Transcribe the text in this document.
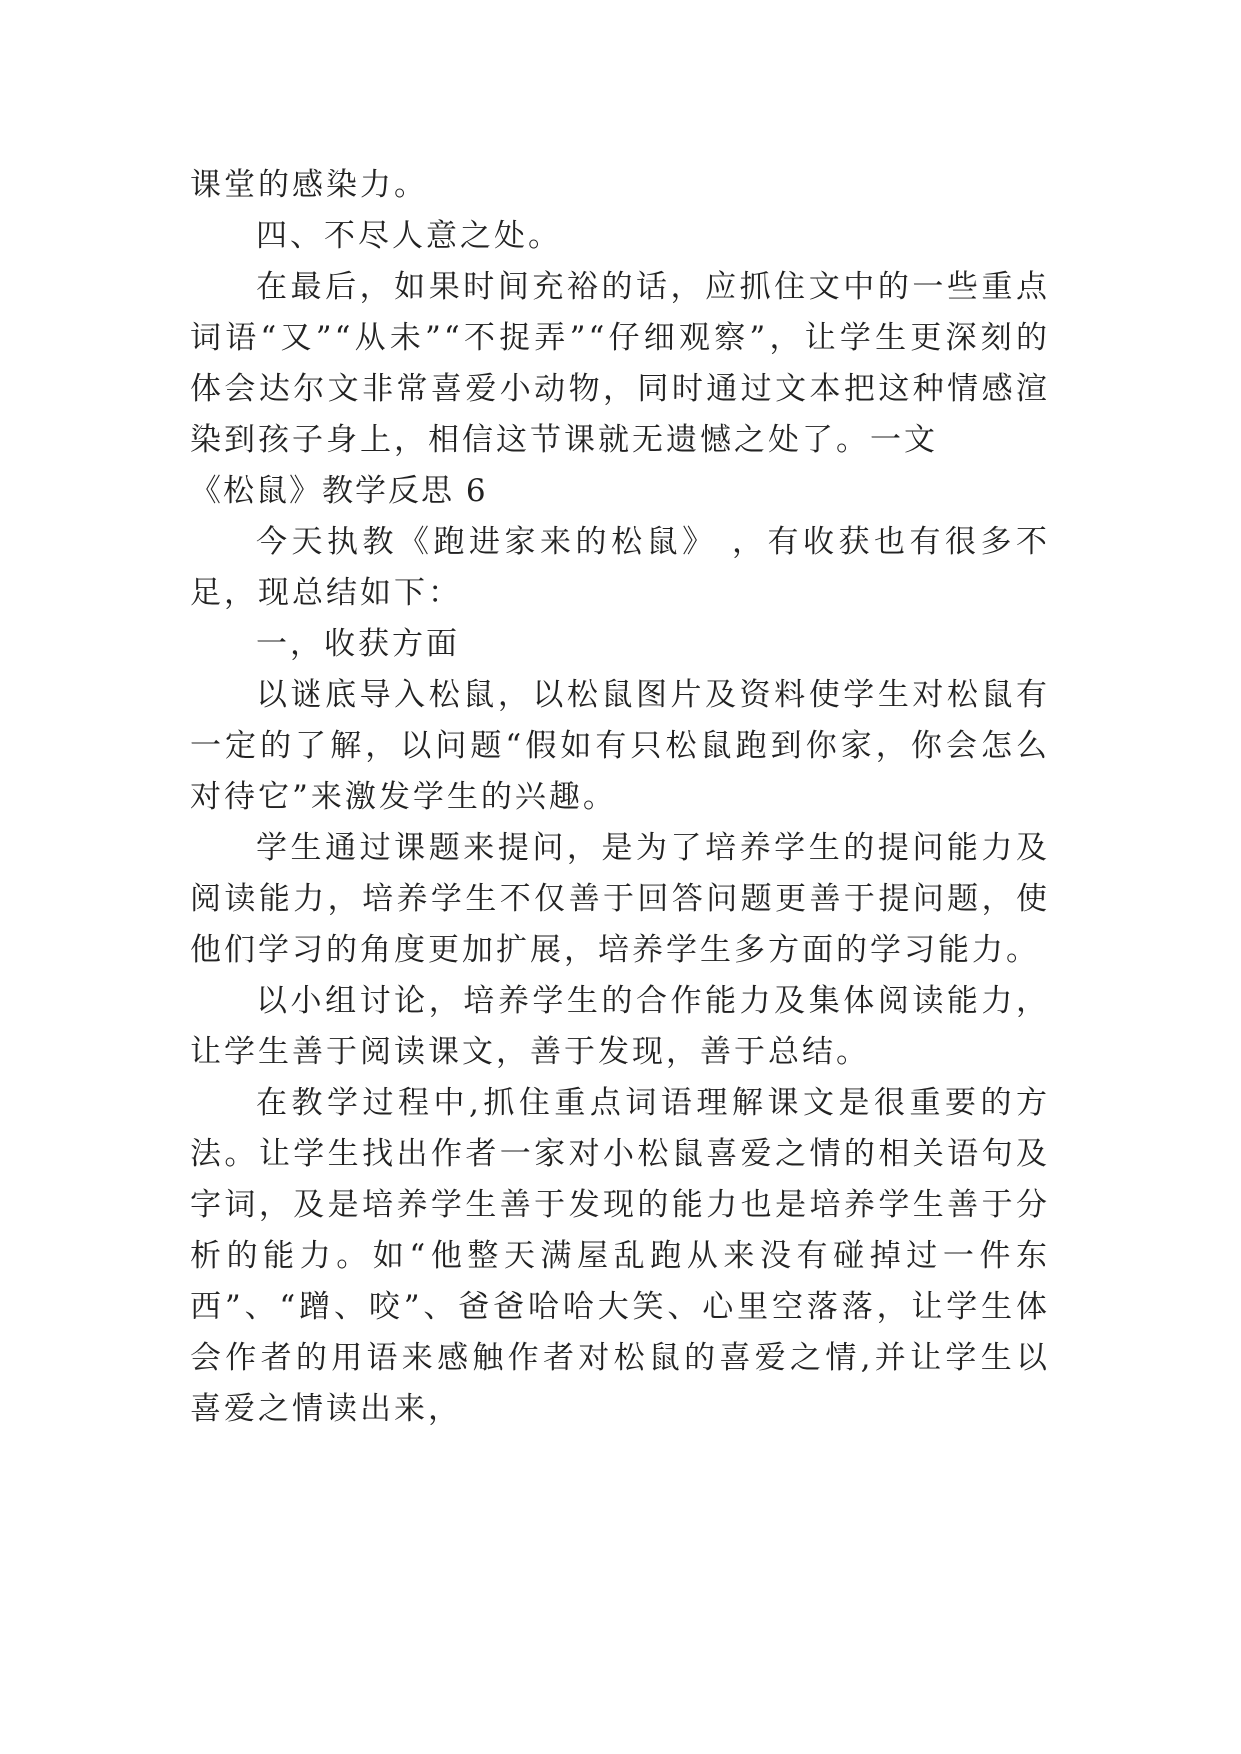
课堂的感染力。

四、不尽人意之处。

在最后，如果时间充裕的话，应抓住文中的一些重点词语“又”“从未”“不捉弄”“仔细观察”，让学生更深刻的体会达尔文非常喜爱小动物，同时通过文本把这种情感渲染到孩子身上，相信这节课就无遗憾之处了。一文

《松鼠》教学反思 6

今天执教《跑进家来的松鼠》 ，有收获也有很多不足，现总结如下：

一，收获方面

以谜底导入松鼠，以松鼠图片及资料使学生对松鼠有一定的了解，以问题“假如有只松鼠跑到你家，你会怎么对待它”来激发学生的兴趣。

学生通过课题来提问，是为了培养学生的提问能力及阅读能力，培养学生不仅善于回答问题更善于提问题，使他们学习的角度更加扩展，培养学生多方面的学习能力。

以小组讨论，培养学生的合作能力及集体阅读能力，让学生善于阅读课文，善于发现，善于总结。

在教学过程中,抓住重点词语理解课文是很重要的方法。让学生找出作者一家对小松鼠喜爱之情的相关语句及字词，及是培养学生善于发现的能力也是培养学生善于分析的能力。如“他整天满屋乱跑从来没有碰掉过一件东西”、“蹭、咬”、爸爸哈哈大笑、心里空落落，让学生体会作者的用语来感触作者对松鼠的喜爱之情,并让学生以喜爱之情读出来，
